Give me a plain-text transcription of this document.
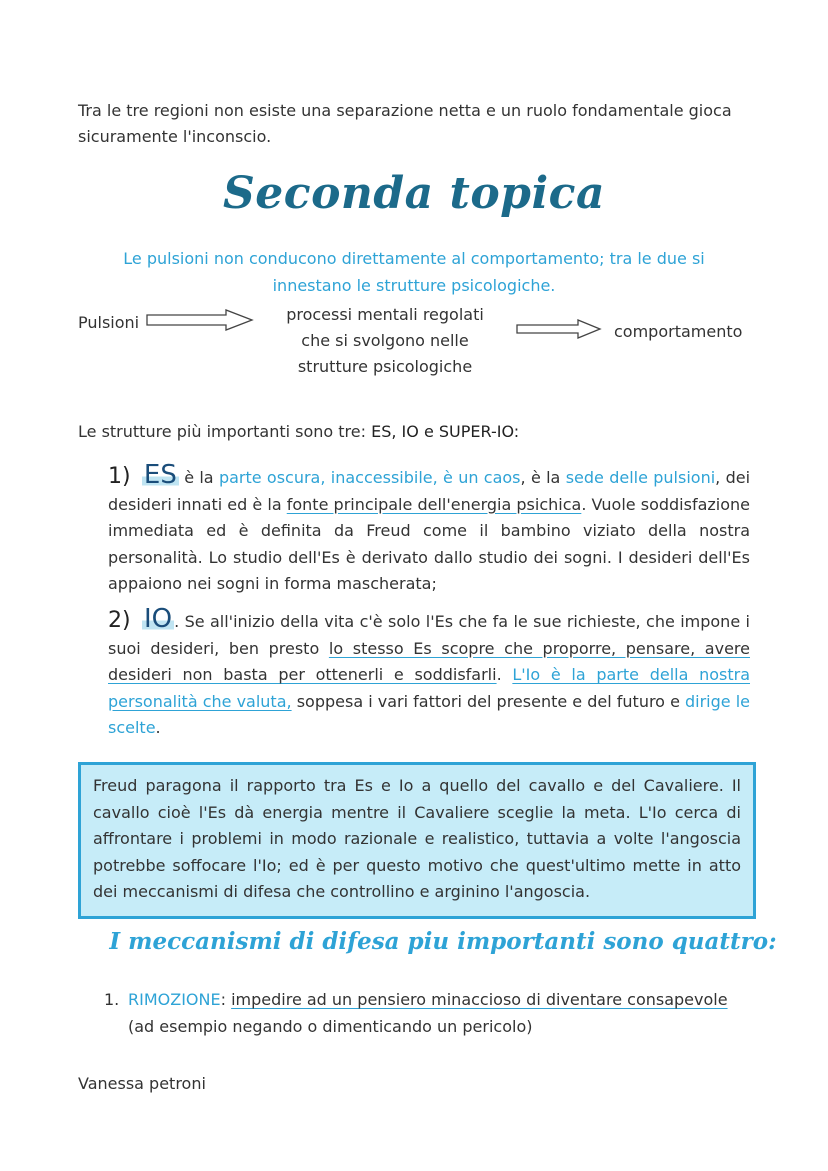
Tra le tre regioni non esiste una separazione netta e un ruolo fondamentale gioca sicuramente l'inconscio.

Seconda topica
Le pulsioni non conducono direttamente al comportamento; tra le due si innestano le strutture psicologiche.
Pulsioni	processi mentali regolati che si svolgono nelle strutture psicologiche
comportamento
Le strutture più importanti sono tre: ES, IO e SUPER-IO:
1) ES è la parte oscura, inaccessibile, è un caos, è la sede delle pulsioni, dei desideri innati ed è la fonte principale dell'energia psichica. Vuole soddisfazione immediata ed è definita da Freud come il bambino viziato della nostra personalità. Lo studio dell'Es è derivato dallo studio dei sogni. I desideri dell'Es appaiono nei sogni in forma mascherata;
2) IO . Se all'inizio della vita c'è solo l'Es che fa le sue richieste, che impone i suoi desideri, ben presto lo stesso Es scopre che proporre, pensare, avere desideri non basta per ottenerli e soddisfarli. L'Io è la parte della nostra personalità che valuta, soppesa i vari fattori del presente e del futuro e dirige le scelte.
Freud paragona il rapporto tra Es e Io a quello del cavallo e del Cavaliere. Il cavallo cioè l'Es dà energia mentre il Cavaliere sceglie la meta. L'Io cerca di affrontare i problemi in modo razionale e realistico, tuttavia a volte l'angoscia potrebbe soffocare l'Io; ed è per questo motivo che quest'ultimo mette in atto dei meccanismi di difesa che controllino e arginino l'angoscia.
I meccanismi di difesa piu importanti sono quattro:
1. RIMOZIONE: impedire ad un pensiero minaccioso di diventare consapevole
(ad esempio negando o dimenticando un pericolo)
Vanessa petroni
